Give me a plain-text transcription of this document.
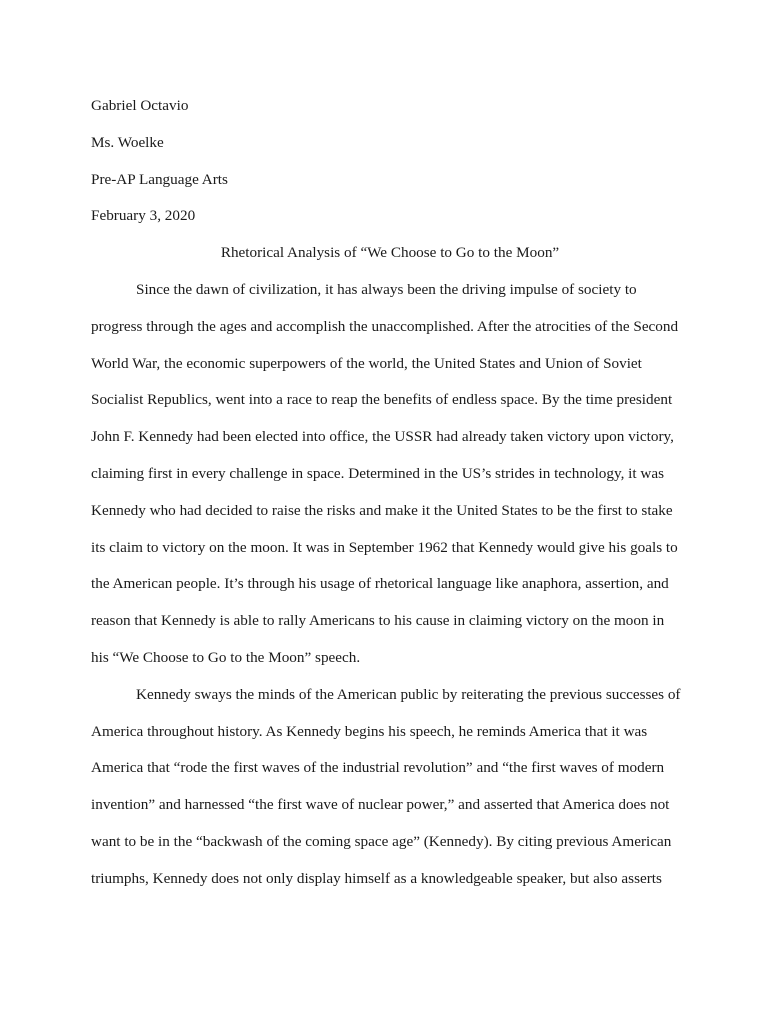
Gabriel Octavio

Ms. Woelke

Pre-AP Language Arts

February 3, 2020

Rhetorical Analysis of “We Choose to Go to the Moon”

Since the dawn of civilization, it has always been the driving impulse of society to
progress through the ages and accomplish the unaccomplished. After the atrocities of the Second
World War, the economic superpowers of the world, the United States and Union of Soviet
Socialist Republics, went into a race to reap the benefits of endless space. By the time president
John F. Kennedy had been elected into office, the USSR had already taken victory upon victory,
claiming first in every challenge in space. Determined in the US’s strides in technology, it was
Kennedy who had decided to raise the risks and make it the United States to be the first to stake
its claim to victory on the moon. It was in September 1962 that Kennedy would give his goals to
the American people. It’s through his usage of rhetorical language like anaphora, assertion, and
reason that Kennedy is able to rally Americans to his cause in claiming victory on the moon in
his “We Choose to Go to the Moon” speech.
Kennedy sways the minds of the American public by reiterating the previous successes of
America throughout history. As Kennedy begins his speech, he reminds America that it was
America that “rode the first waves of the industrial revolution” and “the first waves of modern
invention” and harnessed “the first wave of nuclear power,” and asserted that America does not
want to be in the “backwash of the coming space age” (Kennedy). By citing previous American
triumphs, Kennedy does not only display himself as a knowledgeable speaker, but also asserts
